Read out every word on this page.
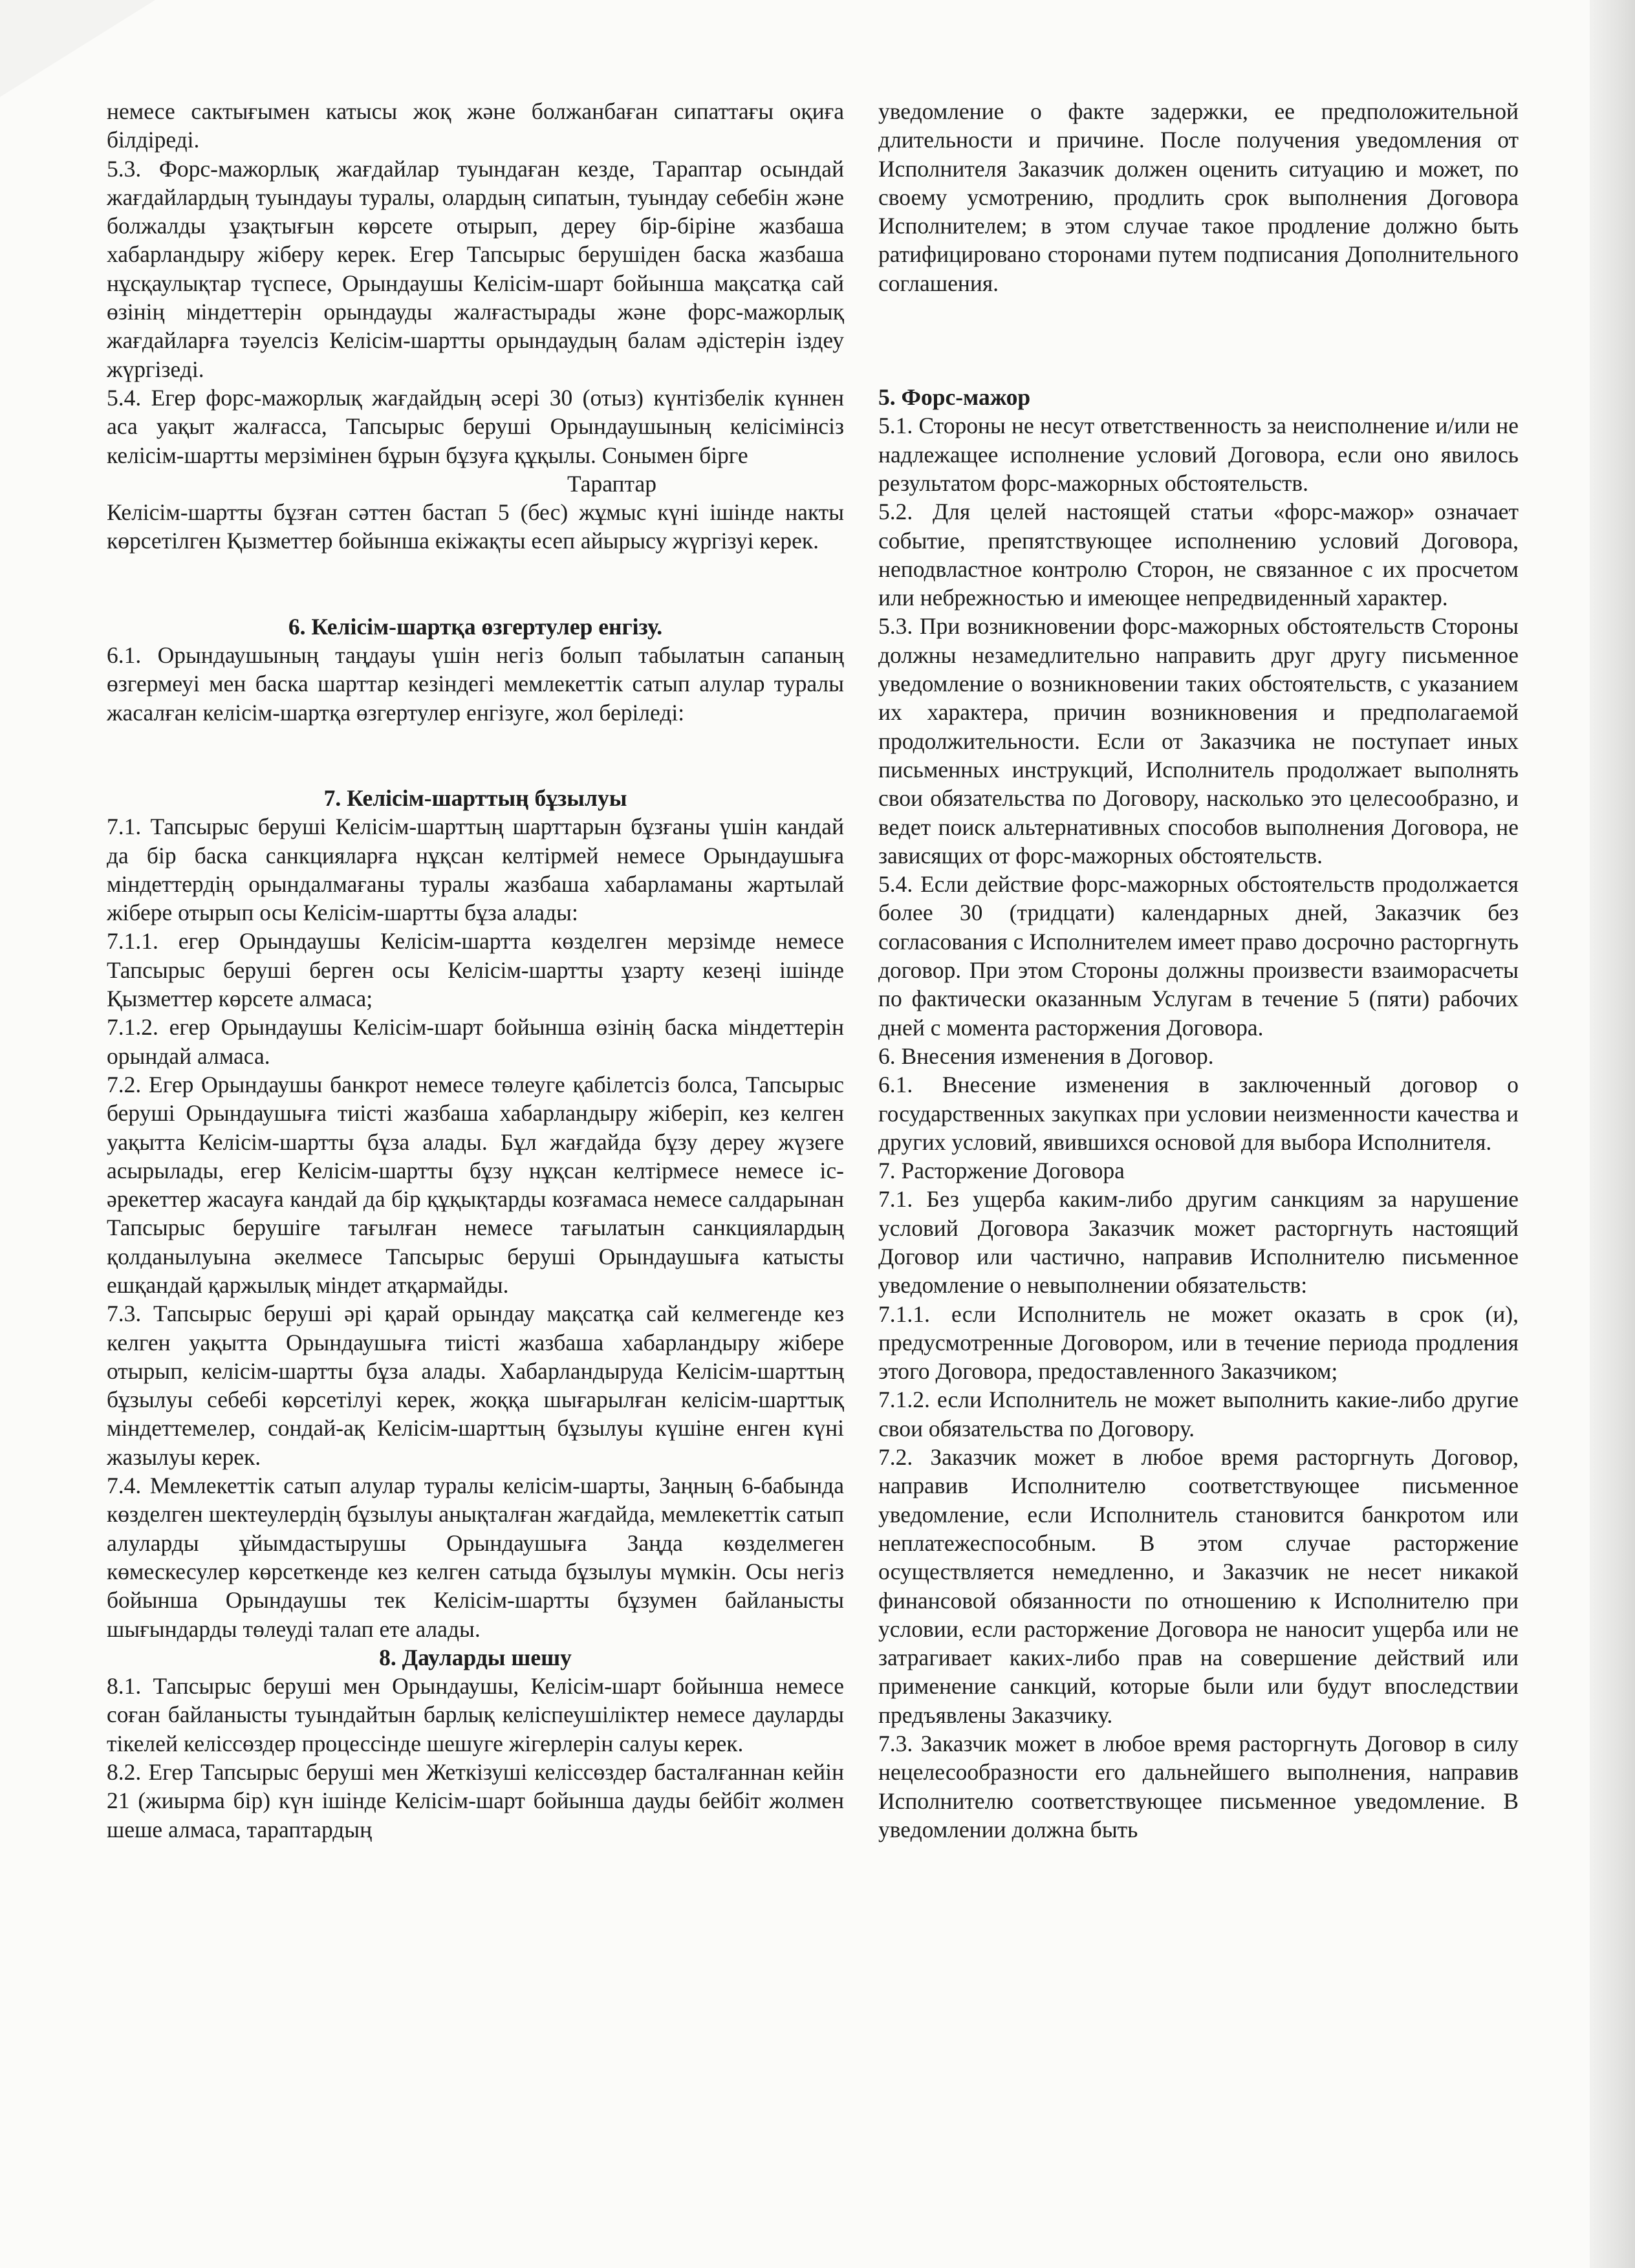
немесе сактығымен катысы жоқ және болжанбаған сипаттағы оқиға білдіреді.

5.3. Форс-мажорлық жағдайлар туындаған кезде, Тараптар осындай жағдайлардың туындауы туралы, олардың сипатын, туындау себебін және болжалды ұзақтығын көрсете отырып, дереу бір-біріне жазбаша хабарландыру жіберу керек. Егер Тапсырыс берушіден баска жазбаша нұсқаулықтар түспесе, Орындаушы Келісім-шарт бойынша мақсатқа сай өзінің міндеттерін орындауды жалғастырады және форс-мажорлық жағдайларға тәуелсіз Келісім-шартты орындаудың балам әдістерін іздеу жүргізеді.

5.4. Егер форс-мажорлық жағдайдың әсері 30 (отыз) күнтізбелік күннен аса уақыт жалғасса, Тапсырыс беруші Орындаушының келісімінсіз келісім-шартты мерзімінен бұрын бұзуға құқылы. Сонымен бірге

Тараптар

Келісім-шартты бұзған сәттен бастап 5 (бес) жұмыс күні ішінде накты көрсетілген Қызметтер бойынша екіжақты есеп айырысу жүргізуі керек.

6. Келісім-шартқа өзгертулер енгізу.

6.1. Орындаушының таңдауы үшін негіз болып табылатын сапаның өзгермеуі мен баска шарттар кезіндегі мемлекеттік сатып алулар туралы жасалған келісім-шартқа өзгертулер енгізуге, жол беріледі:

7. Келісім-шарттың бұзылуы

7.1. Тапсырыс беруші Келісім-шарттың шарттарын бұзғаны үшін кандай да бір баска санкцияларға нұқсан келтірмей немесе Орындаушыға міндеттердің орындалмағаны туралы жазбаша хабарламаны жартылай жібере отырып осы Келісім-шартты бұза алады:

7.1.1. егер Орындаушы Келісім-шартта көзделген мерзімде немесе Тапсырыс беруші берген осы Келісім-шартты ұзарту кезеңі ішінде Қызметтер көрсете алмаса;

7.1.2. егер Орындаушы Келісім-шарт бойынша өзінің баска міндеттерін орындай алмаса.

7.2. Егер Орындаушы банкрот немесе төлеуге қабілетсіз болса, Тапсырыс беруші Орындаушыға тиісті жазбаша хабарландыру жіберіп, кез келген уақытта Келісім-шартты бұза алады. Бұл жағдайда бұзу дереу жүзеге асырылады, егер Келісім-шартты бұзу нұқсан келтірмесе немесе іс-әрекеттер жасауға кандай да бір құқықтарды козғамаса немесе салдарынан Тапсырыс берушіге тағылған немесе тағылатын санкциялардың қолданылуына әкелмесе Тапсырыс беруші Орындаушыға катысты ешқандай қаржылық міндет атқармайды.

7.3. Тапсырыс беруші әрі қарай орындау мақсатқа сай келмегенде кез келген уақытта Орындаушыға тиісті жазбаша хабарландыру жібере отырып, келісім-шартты бұза алады. Хабарландыруда Келісім-шарттың бұзылуы себебі көрсетілуі керек, жоққа шығарылған келісім-шарттық міндеттемелер, сондай-ақ Келісім-шарттың бұзылуы күшіне енген күні жазылуы керек.

7.4. Мемлекеттік сатып алулар туралы келісім-шарты, Заңның 6-бабында көзделген шектеулердің бұзылуы анықталған жағдайда, мемлекеттік сатып алуларды ұйымдастырушы Орындаушыға Заңда көзделмеген көмескесулер көрсеткенде кез келген сатыда бұзылуы мүмкін. Осы негіз бойынша Орындаушы тек Келісім-шартты бұзумен байланысты шығындарды төлеуді талап ете алады.

8. Дауларды шешу

8.1. Тапсырыс беруші мен Орындаушы, Келісім-шарт бойынша немесе соған байланысты туындайтын барлық келіспеушіліктер немесе дауларды тікелей келіссөздер процессінде шешуге жігерлерін салуы керек.

8.2. Егер Тапсырыс беруші мен Жеткізуші келіссөздер басталғаннан кейін 21 (жиырма бір) күн ішінде Келісім-шарт бойынша дауды бейбіт жолмен шеше алмаса, тараптардың

уведомление о факте задержки, ее предположительной длительности и причине. После получения уведомления от Исполнителя Заказчик должен оценить ситуацию и может, по своему усмотрению, продлить срок выполнения Договора Исполнителем; в этом случае такое продление должно быть ратифицировано сторонами путем подписания Дополнительного соглашения.

5. Форс-мажор

5.1. Стороны не несут ответственность за неисполнение и/или не надлежащее исполнение условий Договора, если оно явилось результатом форс-мажорных обстоятельств.

5.2. Для целей настоящей статьи «форс-мажор» означает событие, препятствующее исполнению условий Договора, неподвластное контролю Сторон, не связанное с их просчетом или небрежностью и имеющее непредвиденный характер.

5.3. При возникновении форс-мажорных обстоятельств Стороны должны незамедлительно направить друг другу письменное уведомление о возникновении таких обстоятельств, с указанием их характера, причин возникновения и предполагаемой продолжительности. Если от Заказчика не поступает иных письменных инструкций, Исполнитель продолжает выполнять свои обязательства по Договору, насколько это целесообразно, и ведет поиск альтернативных способов выполнения Договора, не зависящих от форс-мажорных обстоятельств.

5.4. Если действие форс-мажорных обстоятельств продолжается более 30 (тридцати) календарных дней, Заказчик без согласования с Исполнителем имеет право досрочно расторгнуть договор. При этом Стороны должны произвести взаиморасчеты по фактически оказанным Услугам в течение 5 (пяти) рабочих дней с момента расторжения Договора.

6. Внесения изменения в Договор.

6.1. Внесение изменения в заключенный договор о государственных закупках при условии неизменности качества и других условий, явившихся основой для выбора Исполнителя.

7. Расторжение Договора

7.1. Без ущерба каким-либо другим санкциям за нарушение условий Договора Заказчик может расторгнуть настоящий Договор или частично, направив Исполнителю письменное уведомление о невыполнении обязательств:

7.1.1. если Исполнитель не может оказать в срок (и), предусмотренные Договором, или в течение периода продления этого Договора, предоставленного Заказчиком;

7.1.2. если Исполнитель не может выполнить какие-либо другие свои обязательства по Договору.

7.2. Заказчик может в любое время расторгнуть Договор, направив Исполнителю соответствующее письменное уведомление, если Исполнитель становится банкротом или неплатежеспособным. В этом случае расторжение осуществляется немедленно, и Заказчик не несет никакой финансовой обязанности по отношению к Исполнителю при условии, если расторжение Договора не наносит ущерба или не затрагивает каких-либо прав на совершение действий или применение санкций, которые были или будут впоследствии предъявлены Заказчику.

7.3. Заказчик может в любое время расторгнуть Договор в силу нецелесообразности его дальнейшего выполнения, направив Исполнителю соответствующее письменное уведомление. В уведомлении должна быть
